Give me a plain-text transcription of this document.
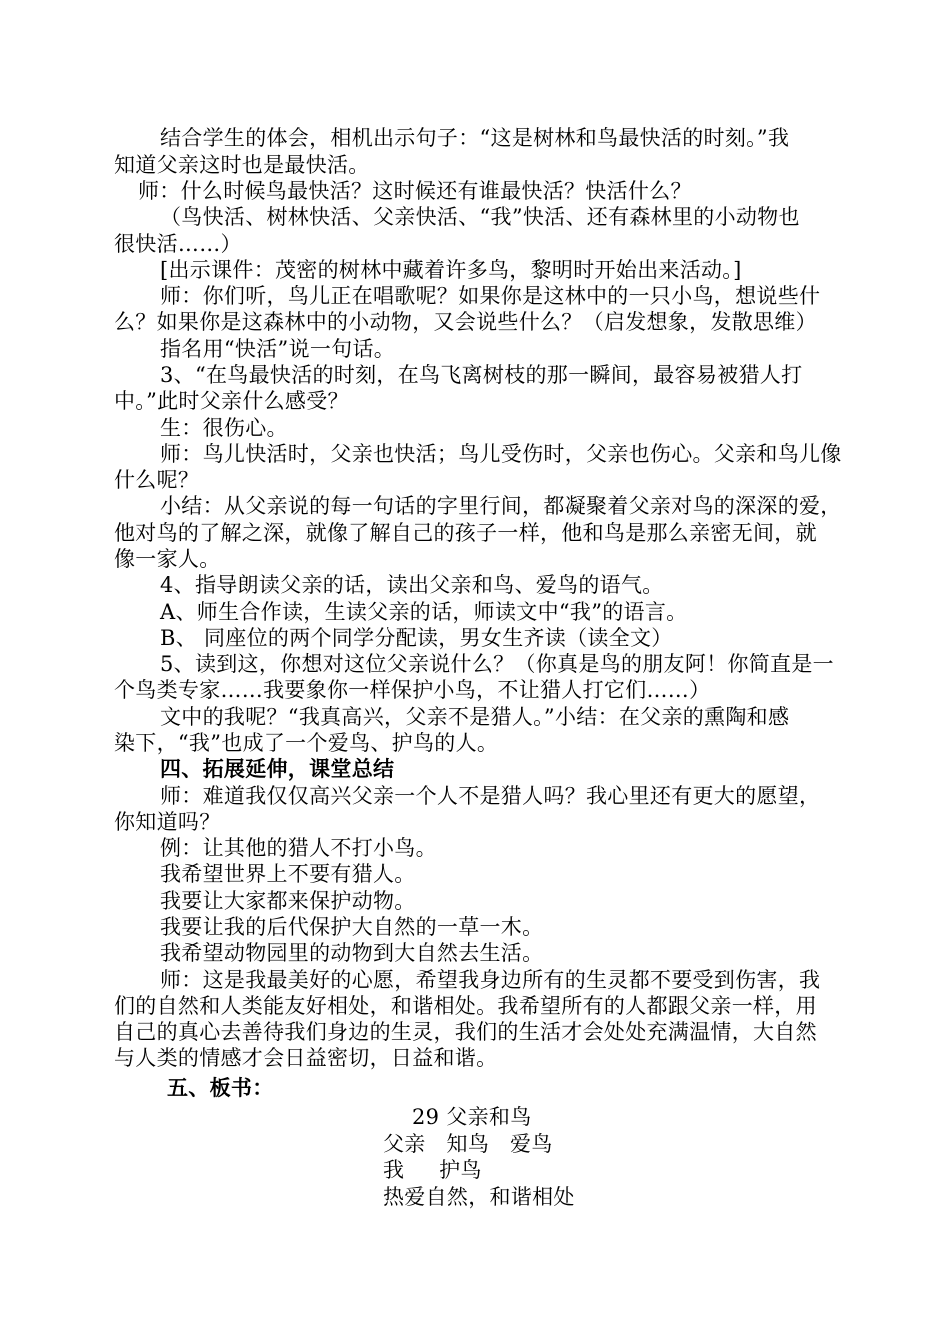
结合学生的体会，相机出示句子：“这是树林和鸟最快活的时刻。”我
知道父亲这时也是最快活。
师：什么时候鸟最快活？这时候还有谁最快活？快活什么？
（鸟快活、树林快活、父亲快活、“我”快活、还有森林里的小动物也
很快活……）
[出示课件：茂密的树林中藏着许多鸟，黎明时开始出来活动。]
师：你们听，鸟儿正在唱歌呢？如果你是这林中的一只小鸟，想说些什
么？如果你是这森林中的小动物，又会说些什么？（启发想象，发散思维）
指名用“快活”说一句话。
3、“在鸟最快活的时刻，在鸟飞离树枝的那一瞬间，最容易被猎人打
中。”此时父亲什么感受？
生：很伤心。
师：鸟儿快活时，父亲也快活；鸟儿受伤时，父亲也伤心。父亲和鸟儿像
什么呢？
小结：从父亲说的每一句话的字里行间，都凝聚着父亲对鸟的深深的爱，
他对鸟的了解之深，就像了解自己的孩子一样，他和鸟是那么亲密无间，就
像一家人。
4、指导朗读父亲的话，读出父亲和鸟、爱鸟的语气。
A、师生合作读，生读父亲的话，师读文中“我”的语言。
B、 同座位的两个同学分配读，男女生齐读（读全文）
5、读到这，你想对这位父亲说什么？（你真是鸟的朋友阿！你简直是一
个鸟类专家……我要象你一样保护小鸟，不让猎人打它们……）
文中的我呢？“我真高兴，父亲不是猎人。”小结：在父亲的熏陶和感
染下，“我”也成了一个爱鸟、护鸟的人。
四、拓展延伸，课堂总结
师：难道我仅仅高兴父亲一个人不是猎人吗？我心里还有更大的愿望，
你知道吗？
例：让其他的猎人不打小鸟。
我希望世界上不要有猎人。
我要让大家都来保护动物。
我要让我的后代保护大自然的一草一木。
我希望动物园里的动物到大自然去生活。
师：这是我最美好的心愿，希望我身边所有的生灵都不要受到伤害，我
们的自然和人类能友好相处，和谐相处。我希望所有的人都跟父亲一样，用
自己的真心去善待我们身边的生灵，我们的生活才会处处充满温情，大自然
与人类的情感才会日益密切，日益和谐。
五、板书：
29 父亲和鸟
父亲   知鸟   爱鸟
我     护鸟
热爱自然，和谐相处
